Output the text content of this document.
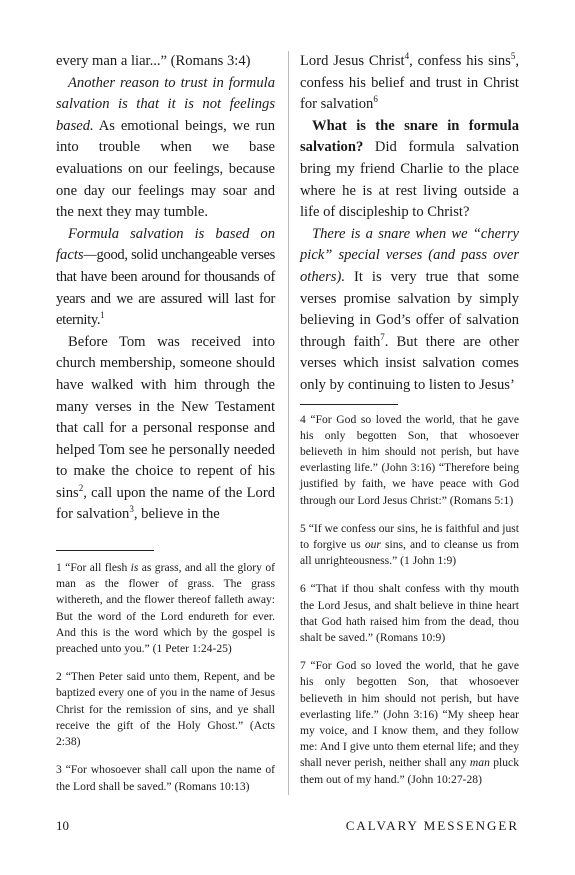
every man a liar...” (Romans 3:4)

Another reason to trust in formula salvation is that it is not feelings based. As emotional beings, we run into trouble when we base evaluations on our feelings, because one day our feelings may soar and the next they may tumble.

Formula salvation is based on facts—good, solid unchangeable verses that have been around for thousands of years and we are assured will last for eternity.$^1$

Before Tom was received into church membership, someone should have walked with him through the many verses in the New Testament that call for a personal response and helped Tom see he personally needed to make the choice to repent of his sins$^2$, call upon the name of the Lord for salvation$^3$, believe in the

1 “For all flesh is as grass, and all the glory of man as the flower of grass. The grass withereth, and the flower thereof falleth away: But the word of the Lord endureth for ever. And this is the word which by the gospel is preached unto you.” (1 Peter 1:24-25)

2 “Then Peter said unto them, Repent, and be baptized every one of you in the name of Jesus Christ for the remission of sins, and ye shall receive the gift of the Holy Ghost.” (Acts 2:38)

3 “For whosoever shall call upon the name of the Lord shall be saved.” (Romans 10:13)

Lord Jesus Christ$^4$, confess his sins$^5$, confess his belief and trust in Christ for salvation$^6$

What is the snare in formula salvation? Did formula salvation bring my friend Charlie to the place where he is at rest living outside a life of discipleship to Christ?

There is a snare when we “cherry pick” special verses (and pass over others). It is very true that some verses promise salvation by simply believing in God’s offer of salvation through faith$^7$. But there are other verses which insist salvation comes only by continuing to listen to Jesus’

4 “For God so loved the world, that he gave his only begotten Son, that whosoever believeth in him should not perish, but have everlasting life.” (John 3:16) “Therefore being justified by faith, we have peace with God through our Lord Jesus Christ:” (Romans 5:1)

5 “If we confess our sins, he is faithful and just to forgive us our sins, and to cleanse us from all unrighteousness.” (1 John 1:9)

6 “That if thou shalt confess with thy mouth the Lord Jesus, and shalt believe in thine heart that God hath raised him from the dead, thou shalt be saved.” (Romans 10:9)

7 “For God so loved the world, that he gave his only begotten Son, that whosoever believeth in him should not perish, but have everlasting life.” (John 3:16) “My sheep hear my voice, and I know them, and they follow me: And I give unto them eternal life; and they shall never perish, neither shall any man pluck them out of my hand.” (John 10:27-28)

10	CALVARY MESSENGER
